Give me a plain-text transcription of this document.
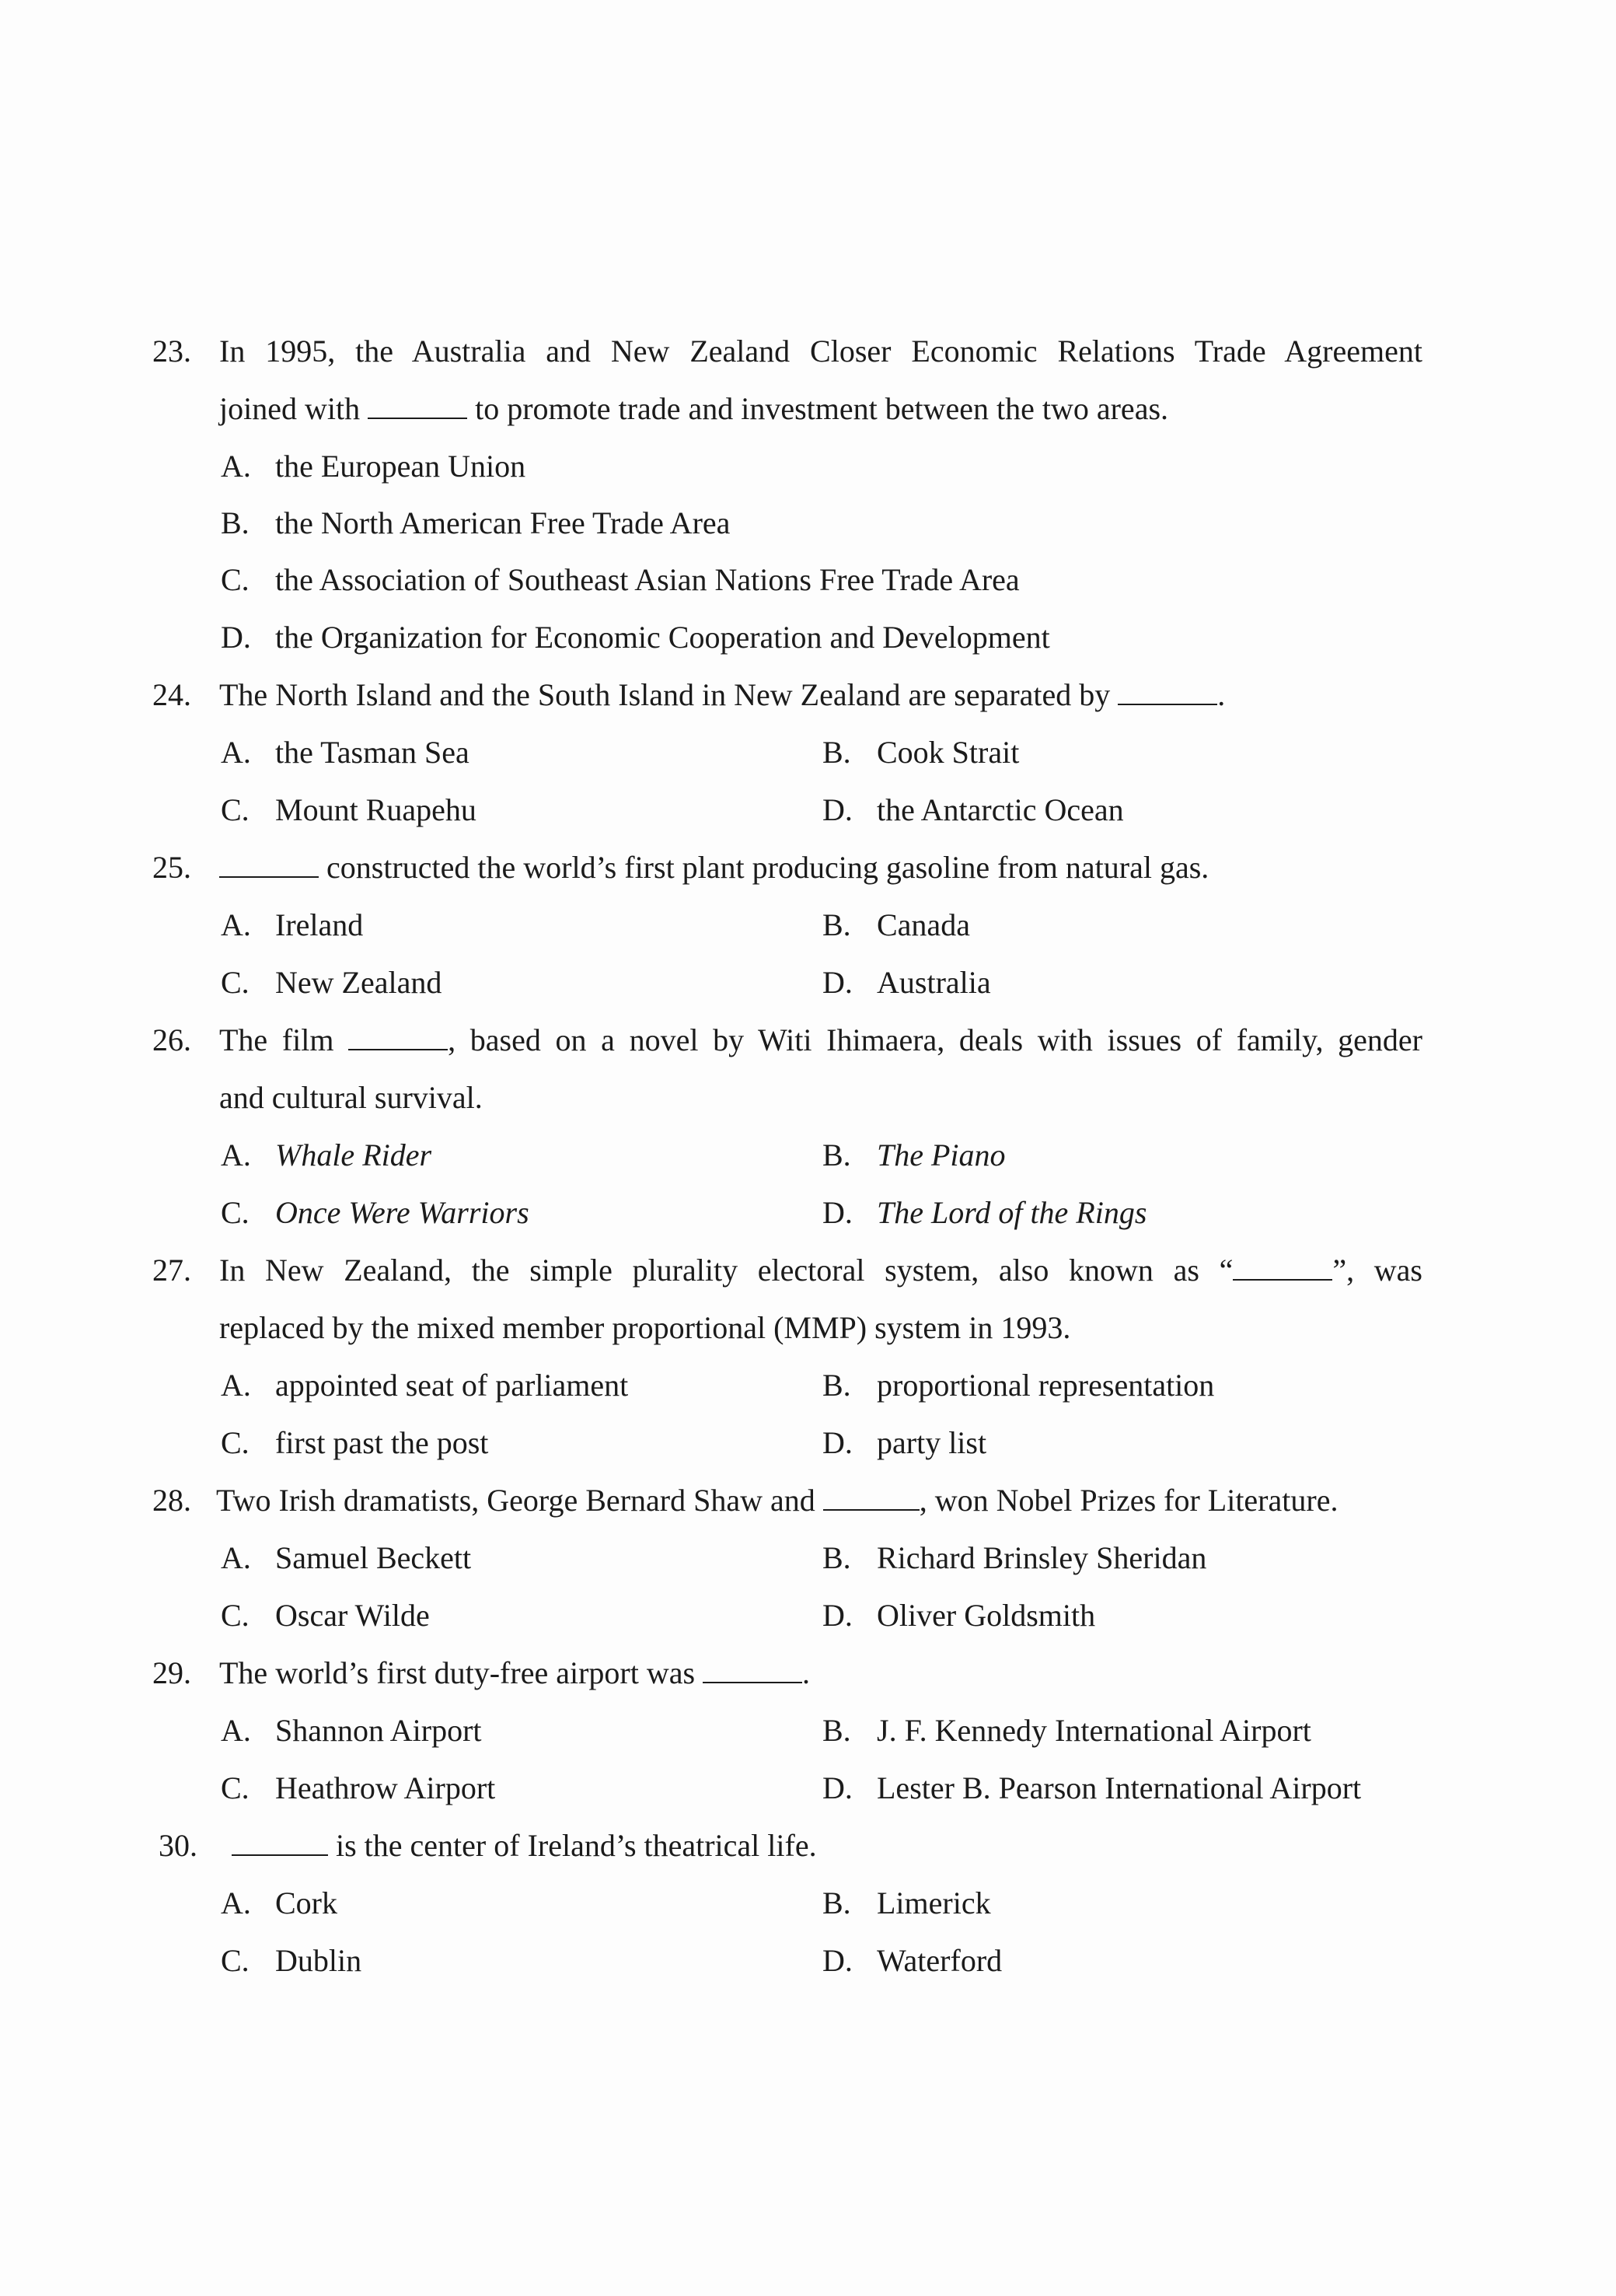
23. In 1995, the Australia and New Zealand Closer Economic Relations Trade Agreement
joined with	to promote trade and investment between the two areas.
A. the European Union
B. the North American Free Trade Area
C. the Association of Southeast Asian Nations Free Trade Area
D. the Organization for Economic Cooperation and Development
24. The North Island and the South Island in New Zealand are separated by	.
A. the Tasman Sea	B. Cook Strait
C. Mount Ruapehu	D. the Antarctic Ocean
25.	constructed the world’s first plant producing gasoline from natural gas.
A. Ireland	B. Canada
C. New Zealand	D. Australia
26. The film	, based on a novel by Witi Ihimaera, deals with issues of family, gender
and cultural survival.
A. Whale Rider	B. The Piano
C. Once Were Warriors	D. The Lord of the Rings
27. In New Zealand, the simple plurality electoral system, also known as “	”, was
replaced by the mixed member proportional (MMP) system in 1993.
A. appointed seat of parliament	B. proportional representation
C. first past the post	D. party list
28. Two Irish dramatists, George Bernard Shaw and	, won Nobel Prizes for Literature.
A. Samuel Beckett	B. Richard Brinsley Sheridan
C. Oscar Wilde	D. Oliver Goldsmith
29. The world’s first duty-free airport was	.
A. Shannon Airport	B. J. F. Kennedy International Airport
C. Heathrow Airport	D. Lester B. Pearson International Airport
30.	is the center of Ireland’s theatrical life.
A. Cork	B. Limerick
C. Dublin	D. Waterford
